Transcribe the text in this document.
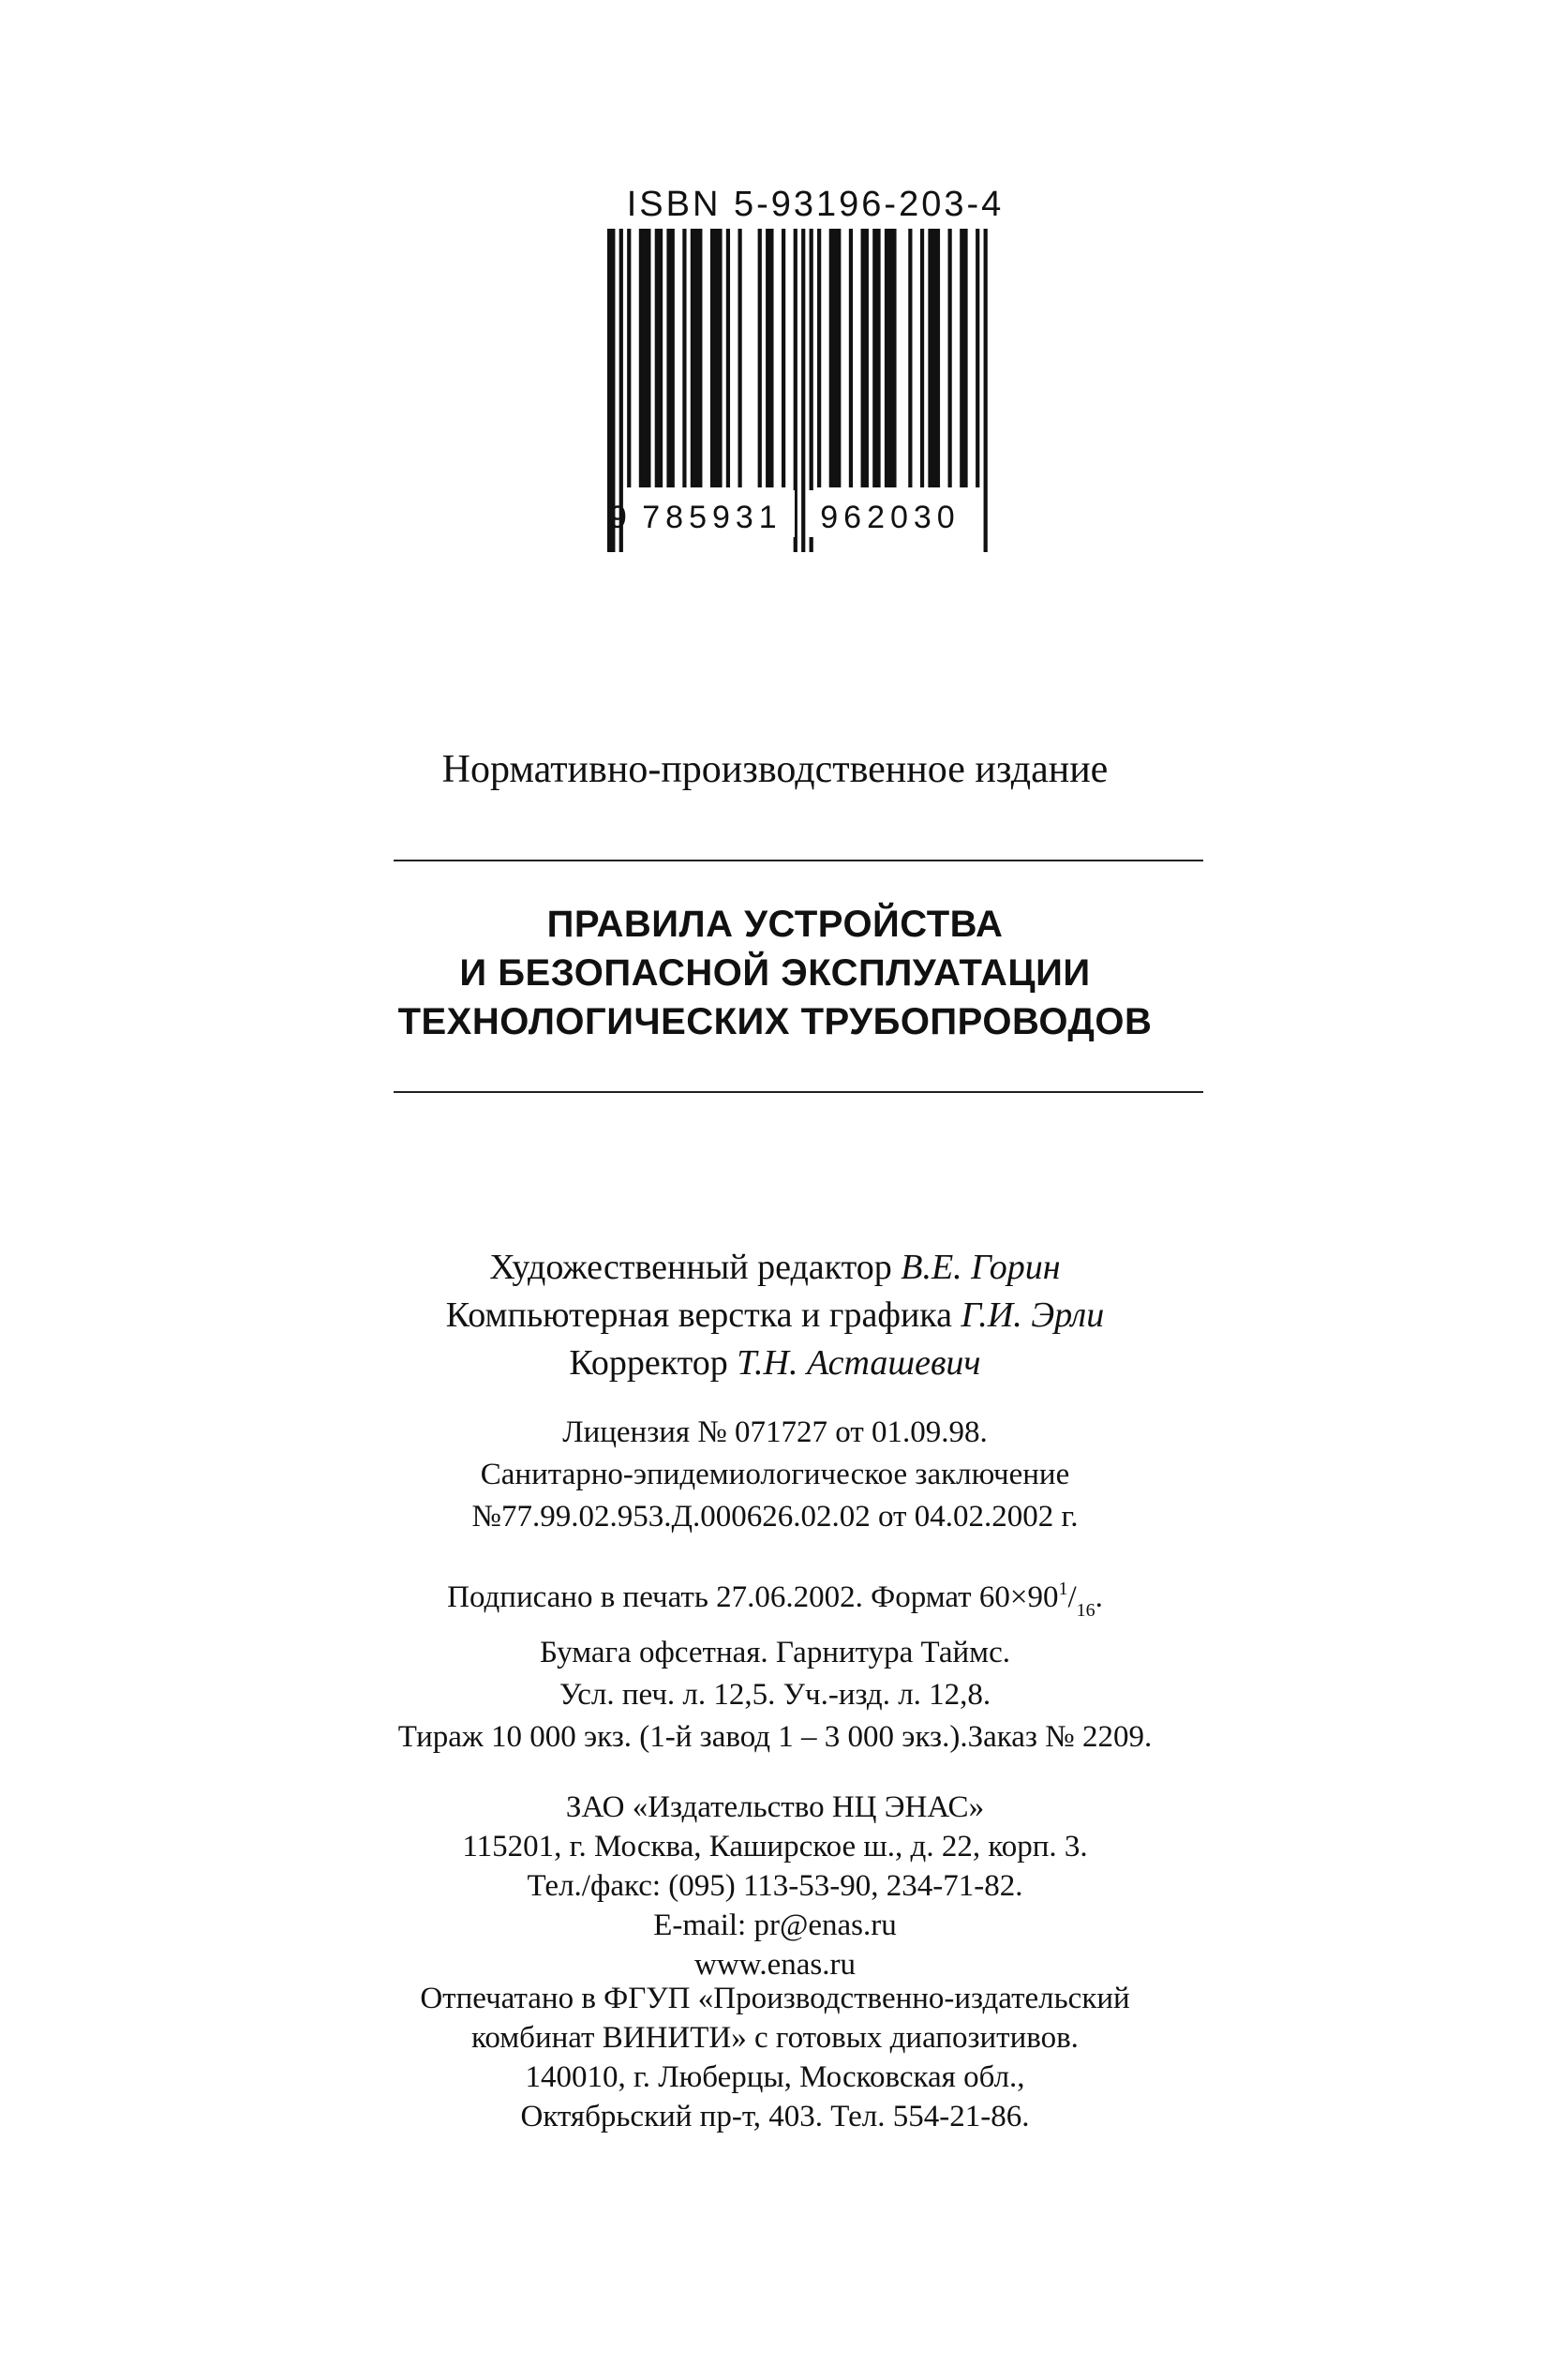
ISBN 5-93196-203-4
9 785931 962030
Нормативно-производственное издание
ПРАВИЛА УСТРОЙСТВА
И БЕЗОПАСНОЙ ЭКСПЛУАТАЦИИ
ТЕХНОЛОГИЧЕСКИХ ТРУБОПРОВОДОВ
Художественный редактор В.Е. Горин
Компьютерная верстка и графика Г.И. Эрли
Корректор Т.Н. Асташевич
Лицензия № 071727 от 01.09.98.
Санитарно-эпидемиологическое заключение
№77.99.02.953.Д.000626.02.02 от 04.02.2002 г.
Подписано в печать 27.06.2002. Формат $60\times 90^1/_{16}$.
Бумага офсетная. Гарнитура Таймс.
Усл. печ. л. 12,5. Уч.-изд. л. 12,8.
Тираж 10 000 экз. (1-й завод 1 – 3 000 экз.).Заказ № 2209.
ЗАО «Издательство НЦ ЭНАС»
115201, г. Москва, Каширское ш., д. 22, корп. 3.
Тел./факс: (095) 113-53-90, 234-71-82.
E-mail: pr@enas.ru
www.enas.ru
Отпечатано в ФГУП «Производственно-издательский
комбинат ВИНИТИ» с готовых диапозитивов.
140010, г. Люберцы, Московская обл.,
Октябрьский пр-т, 403. Тел. 554-21-86.
